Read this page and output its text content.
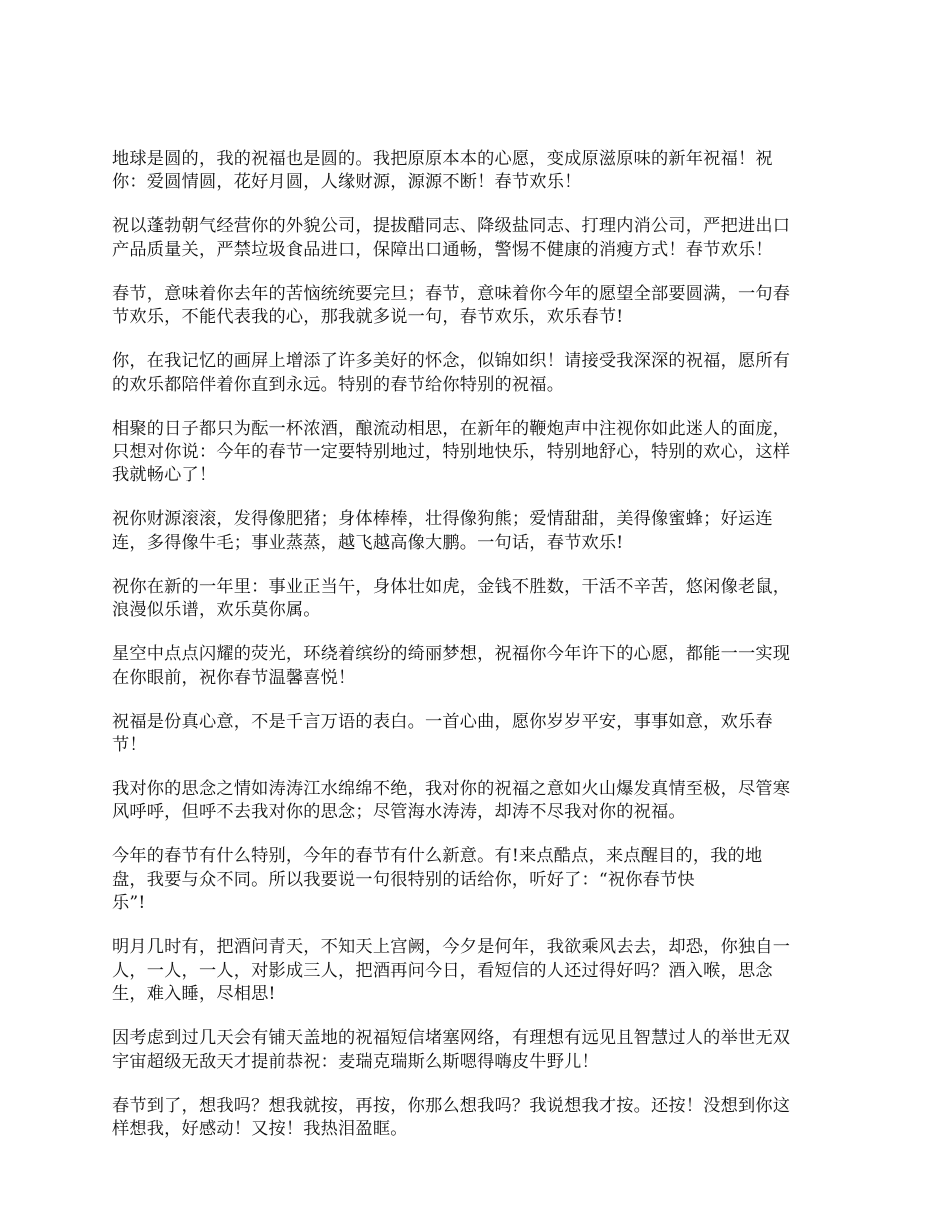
地球是圆的，我的祝福也是圆的。我把原原本本的心愿，变成原滋原味的新年祝福！祝
你：爱圆情圆，花好月圆，人缘财源，源源不断！春节欢乐！

祝以蓬勃朝气经营你的外貌公司，提拔醋同志、降级盐同志、打理内消公司，严把进出口
产品质量关，严禁垃圾食品进口，保障出口通畅，警惕不健康的消瘦方式！春节欢乐！

春节，意味着你去年的苦恼统统要完旦；春节，意味着你今年的愿望全部要圆满，一句春
节欢乐，不能代表我的心，那我就多说一句，春节欢乐，欢乐春节!

你，在我记忆的画屏上增添了许多美好的怀念，似锦如织！请接受我深深的祝福，愿所有
的欢乐都陪伴着你直到永远。特别的春节给你特别的祝福。

相聚的日子都只为酝一杯浓酒，酿流动相思，在新年的鞭炮声中注视你如此迷人的面庞，
只想对你说：今年的春节一定要特别地过，特别地快乐，特别地舒心，特别的欢心，这样
我就畅心了！

祝你财源滚滚，发得像肥猪；身体棒棒，壮得像狗熊；爱情甜甜，美得像蜜蜂；好运连
连，多得像牛毛；事业蒸蒸，越飞越高像大鹏。一句话，春节欢乐!

祝你在新的一年里：事业正当午，身体壮如虎，金钱不胜数，干活不辛苦，悠闲像老鼠，
浪漫似乐谱，欢乐莫你属。

星空中点点闪耀的荧光，环绕着缤纷的绮丽梦想，祝福你今年许下的心愿，都能一一实现
在你眼前，祝你春节温馨喜悦！

祝福是份真心意，不是千言万语的表白。一首心曲，愿你岁岁平安，事事如意，欢乐春
节！

我对你的思念之情如涛涛江水绵绵不绝，我对你的祝福之意如火山爆发真情至极，尽管寒
风呼呼，但呼不去我对你的思念；尽管海水涛涛，却涛不尽我对你的祝福。

今年的春节有什么特别，今年的春节有什么新意。有!来点酷点，来点醒目的，我的地
盘，我要与众不同。所以我要说一句很特别的话给你，听好了：“祝你春节快
乐”!

明月几时有，把酒问青天，不知天上宫阙，今夕是何年，我欲乘风去去，却恐，你独自一
人，一人，一人，对影成三人，把酒再问今日，看短信的人还过得好吗？酒入喉，思念
生，难入睡，尽相思!

因考虑到过几天会有铺天盖地的祝福短信堵塞网络，有理想有远见且智慧过人的举世无双
宇宙超级无敌天才提前恭祝：麦瑞克瑞斯么斯嗯得嗨皮牛野儿！

春节到了，想我吗？想我就按，再按，你那么想我吗？我说想我才按。还按！没想到你这
样想我，好感动！又按！我热泪盈眶。
